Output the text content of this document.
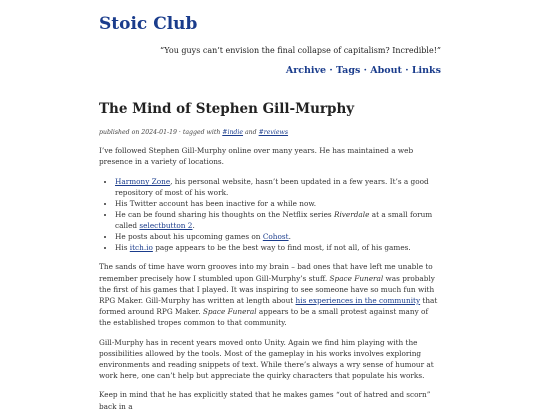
Stoic Club
“You guys can’t envision the final collapse of capitalism? Incredible!”
Archive · Tags · About · Links
The Mind of Stephen Gill-Murphy
published on 2024-01-19 · tagged with #indie and #reviews

I’ve followed Stephen Gill-Murphy online over many years. He has maintained a web presence in a variety of locations.

• Harmony Zone, his personal website, hasn’t been updated in a few years. It’s a good repository of most of his work.
• His Twitter account has been inactive for a while now.
• He can be found sharing his thoughts on the Netflix series Riverdale at a small forum called selectbutton 2.
• He posts about his upcoming games on Cohost.
• His itch.io page appears to be the best way to find most, if not all, of his games.

The sands of time have worn grooves into my brain – bad ones that have left me unable to remember precisely how I stumbled upon Gill-Murphy’s stuff. Space Funeral was probably the first of his games that I played. It was inspiring to see someone have so much fun with RPG Maker. Gill-Murphy has written at length about his experiences in the community that formed around RPG Maker. Space Funeral appears to be a small protest against many of the established tropes common to that community.

Gill-Murphy has in recent years moved onto Unity. Again we find him playing with the possibilities allowed by the tools. Most of the gameplay in his works involves exploring environments and reading snippets of text. While there’s always a wry sense of humour at work here, one can’t help but appreciate the quirky characters that populate his works.

Keep in mind that he has explicitly stated that he makes games “out of hatred and scorn” back in a
